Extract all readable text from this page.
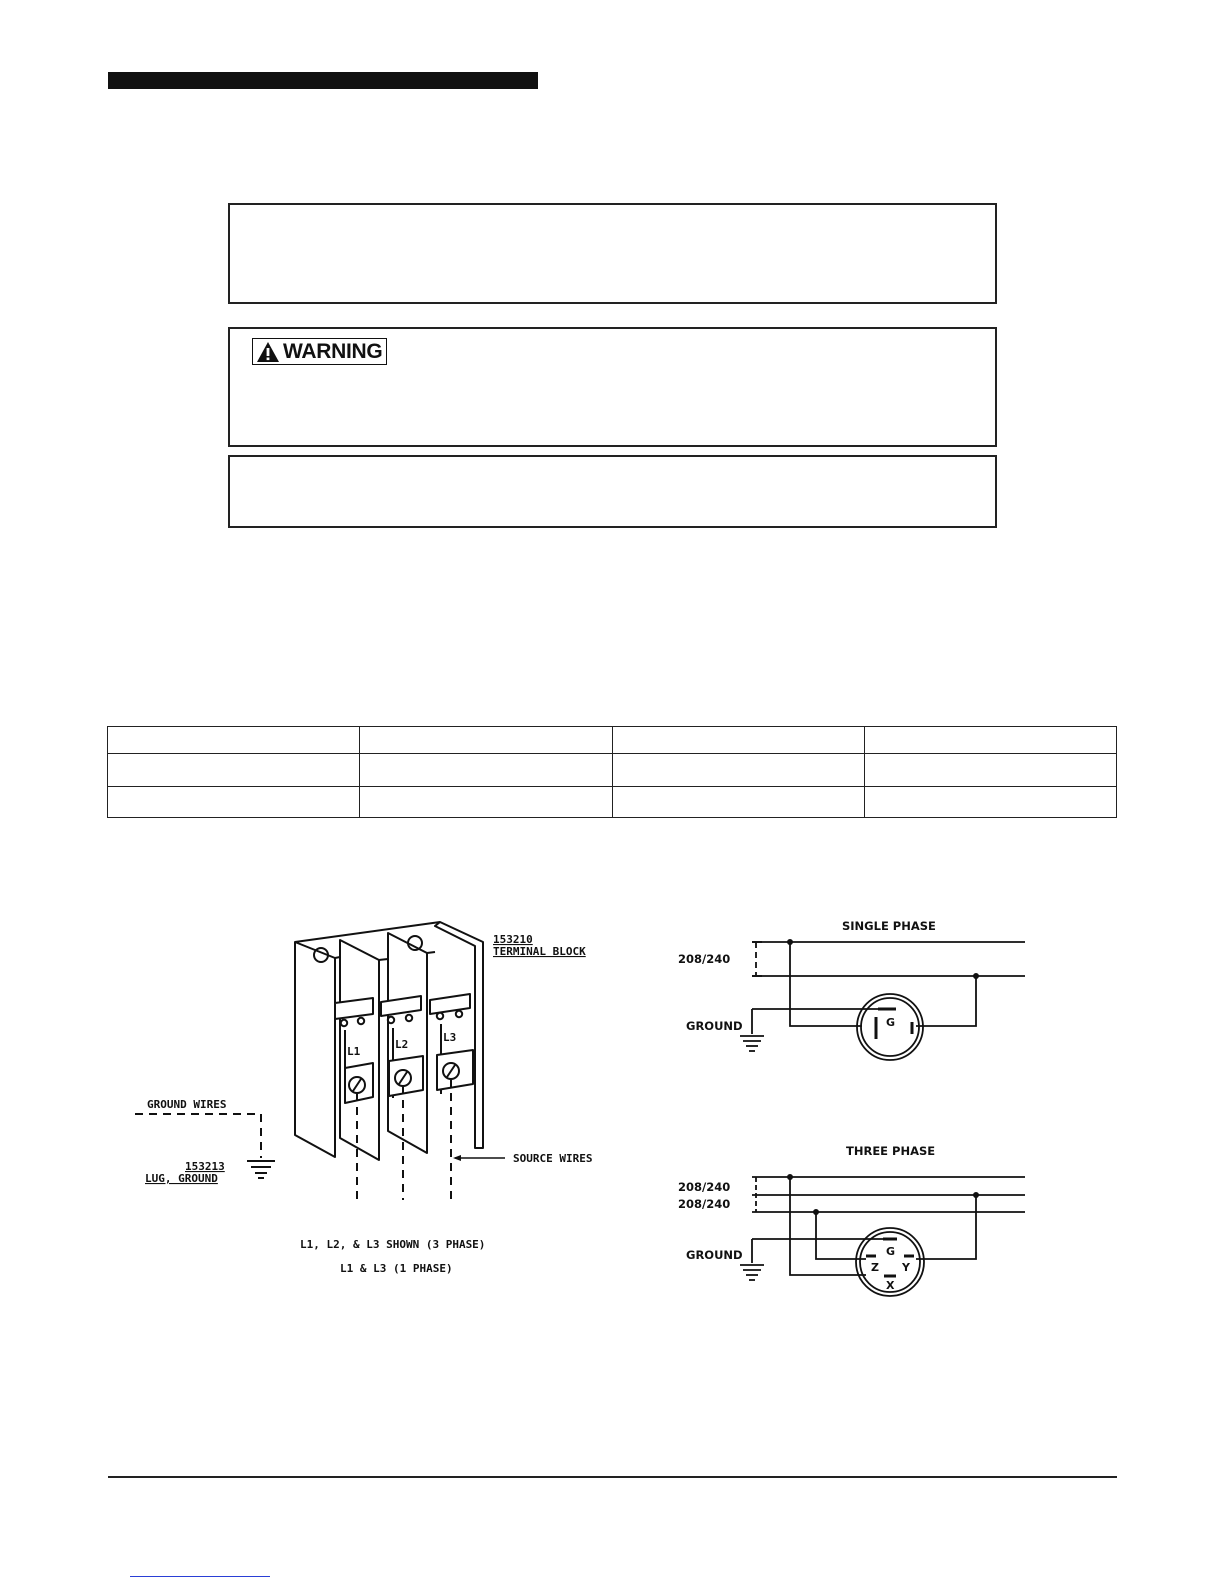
WARNING

L1
L2
L3
153210
TERMINAL BLOCK
GROUND WIRES
153213
LUG, GROUND
SOURCE WIRES
L1, L2, & L3 SHOWN (3 PHASE)
L1 & L3 (1 PHASE)
SINGLE PHASE
208/240
GROUND	G
THREE PHASE
208/240
208/240
GROUND	G
Z Y
X
